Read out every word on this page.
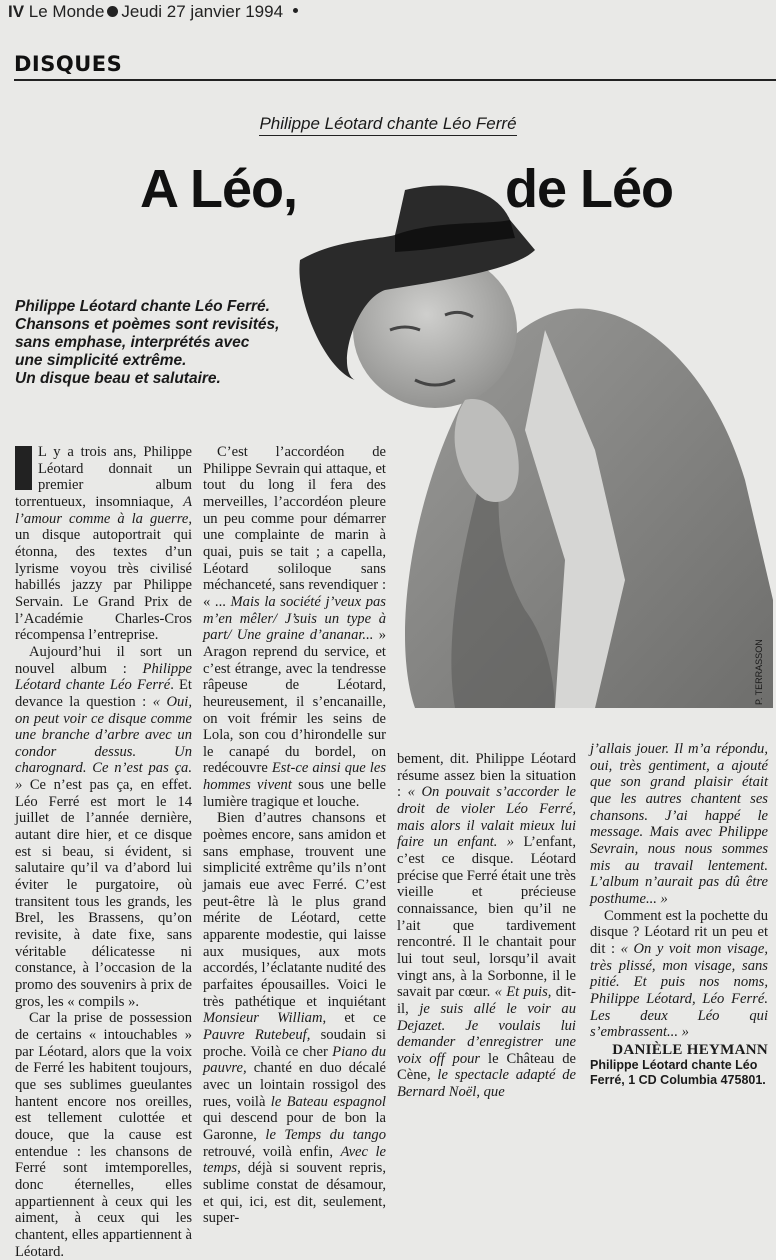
IV Le Monde Jeudi 27 janvier 1994
DISQUES
Philippe Léotard chante Léo Ferré
A Léo,	de Léo
P. TERRASSON
Philippe Léotard chante Léo Ferré.
Chansons et poèmes sont revisités,
sans emphase, interprétés avec
une simplicité extrême.
Un disque beau et salutaire.

L y a trois ans, Philippe Léotard donnait un premier album torrentueux, insomniaque, A l’amour comme à la guerre, un disque autoportrait qui étonna, des textes d’un lyrisme voyou très civilisé habillés jazzy par Philippe Servain. Le Grand Prix de l’Académie Charles-Cros récompensa l’entreprise.

Aujourd’hui il sort un nouvel album : Philippe Léotard chante Léo Ferré. Et devance la question : « Oui, on peut voir ce disque comme une branche d’arbre avec un condor dessus. Un charognard. Ce n’est pas ça. » Ce n’est pas ça, en effet. Léo Ferré est mort le 14 juillet de l’année dernière, autant dire hier, et ce disque est si beau, si évident, si salutaire qu’il va d’abord lui éviter le purgatoire, où transitent tous les grands, les Brel, les Brassens, qu’on revisite, à date fixe, sans véritable délicatesse ni constance, à l’occasion de la promo des souvenirs à prix de gros, les « compils ».

Car la prise de possession de certains « intouchables » par Léotard, alors que la voix de Ferré les habitent toujours, que ses sublimes gueulantes hantent encore nos oreilles, est tellement culottée et douce, que la cause est entendue : les chansons de Ferré sont imtemporelles, donc éternelles, elles appartiennent à ceux qui les aiment, à ceux qui les chantent, elles appartiennent à Léotard.

C’est l’accordéon de Philippe Sevrain qui attaque, et tout du long il fera des merveilles, l’accordéon pleure un peu comme pour démarrer une complainte de marin à quai, puis se tait ; a capella, Léotard soliloque sans méchanceté, sans revendiquer : « ... Mais la société j’veux pas m’en mêler/ J’suis un type à part/ Une graine d’ananar... » Aragon reprend du service, et c’est étrange, avec la tendresse râpeuse de Léotard, heureusement, il s’encanaille, on voit frémir les seins de Lola, son cou d’hirondelle sur le canapé du bordel, on redécouvre Est-ce ainsi que les hommes vivent sous une belle lumière tragique et louche.

Bien d’autres chansons et poèmes encore, sans amidon et sans emphase, trouvent une simplicité extrême qu’ils n’ont jamais eue avec Ferré. C’est peut-être là le plus grand mérite de Léotard, cette apparente modestie, qui laisse aux musiques, aux mots accordés, l’éclatante nudité des parfaites épousailles. Voici le très pathétique et inquiétant Monsieur William, et ce Pauvre Rutebeuf, soudain si proche. Voilà ce cher Piano du pauvre, chanté en duo décalé avec un lointain rossigol des rues, voilà le Bateau espagnol qui descend pour de bon la Garonne, le Temps du tango retrouvé, voilà enfin, Avec le temps, déjà si souvent repris, sublime constat de désamour, et qui, ici, est dit, seulement, super-

bement, dit. Philippe Léotard résume assez bien la situation : « On pouvait s’accorder le droit de violer Léo Ferré, mais alors il valait mieux lui faire un enfant. » L’enfant, c’est ce disque. Léotard précise que Ferré était une très vieille et précieuse connaissance, bien qu’il ne l’ait que tardivement rencontré. Il le chantait pour lui tout seul, lorsqu’il avait vingt ans, à la Sorbonne, il le savait par cœur. « Et puis, dit-il, je suis allé le voir au Dejazet. Je voulais lui demander d’enregistrer une voix off pour le Château de Cène, le spectacle adapté de Bernard Noël, que

j’allais jouer. Il m’a répondu, oui, très gentiment, a ajouté que son grand plaisir était que les autres chantent ses chansons. J’ai happé le message. Mais avec Philippe Sevrain, nous nous sommes mis au travail lentement. L’album n’aurait pas dû être posthume... »

Comment est la pochette du disque ? Léotard rit un peu et dit : « On y voit mon visage, très plissé, mon visage, sans pitié. Et puis nos noms, Philippe Léotard, Léo Ferré. Les deux Léo qui s’embrassent... »

DANIÈLE HEYMANN
Philippe Léotard chante Léo Ferré, 1 CD Columbia 475801.
